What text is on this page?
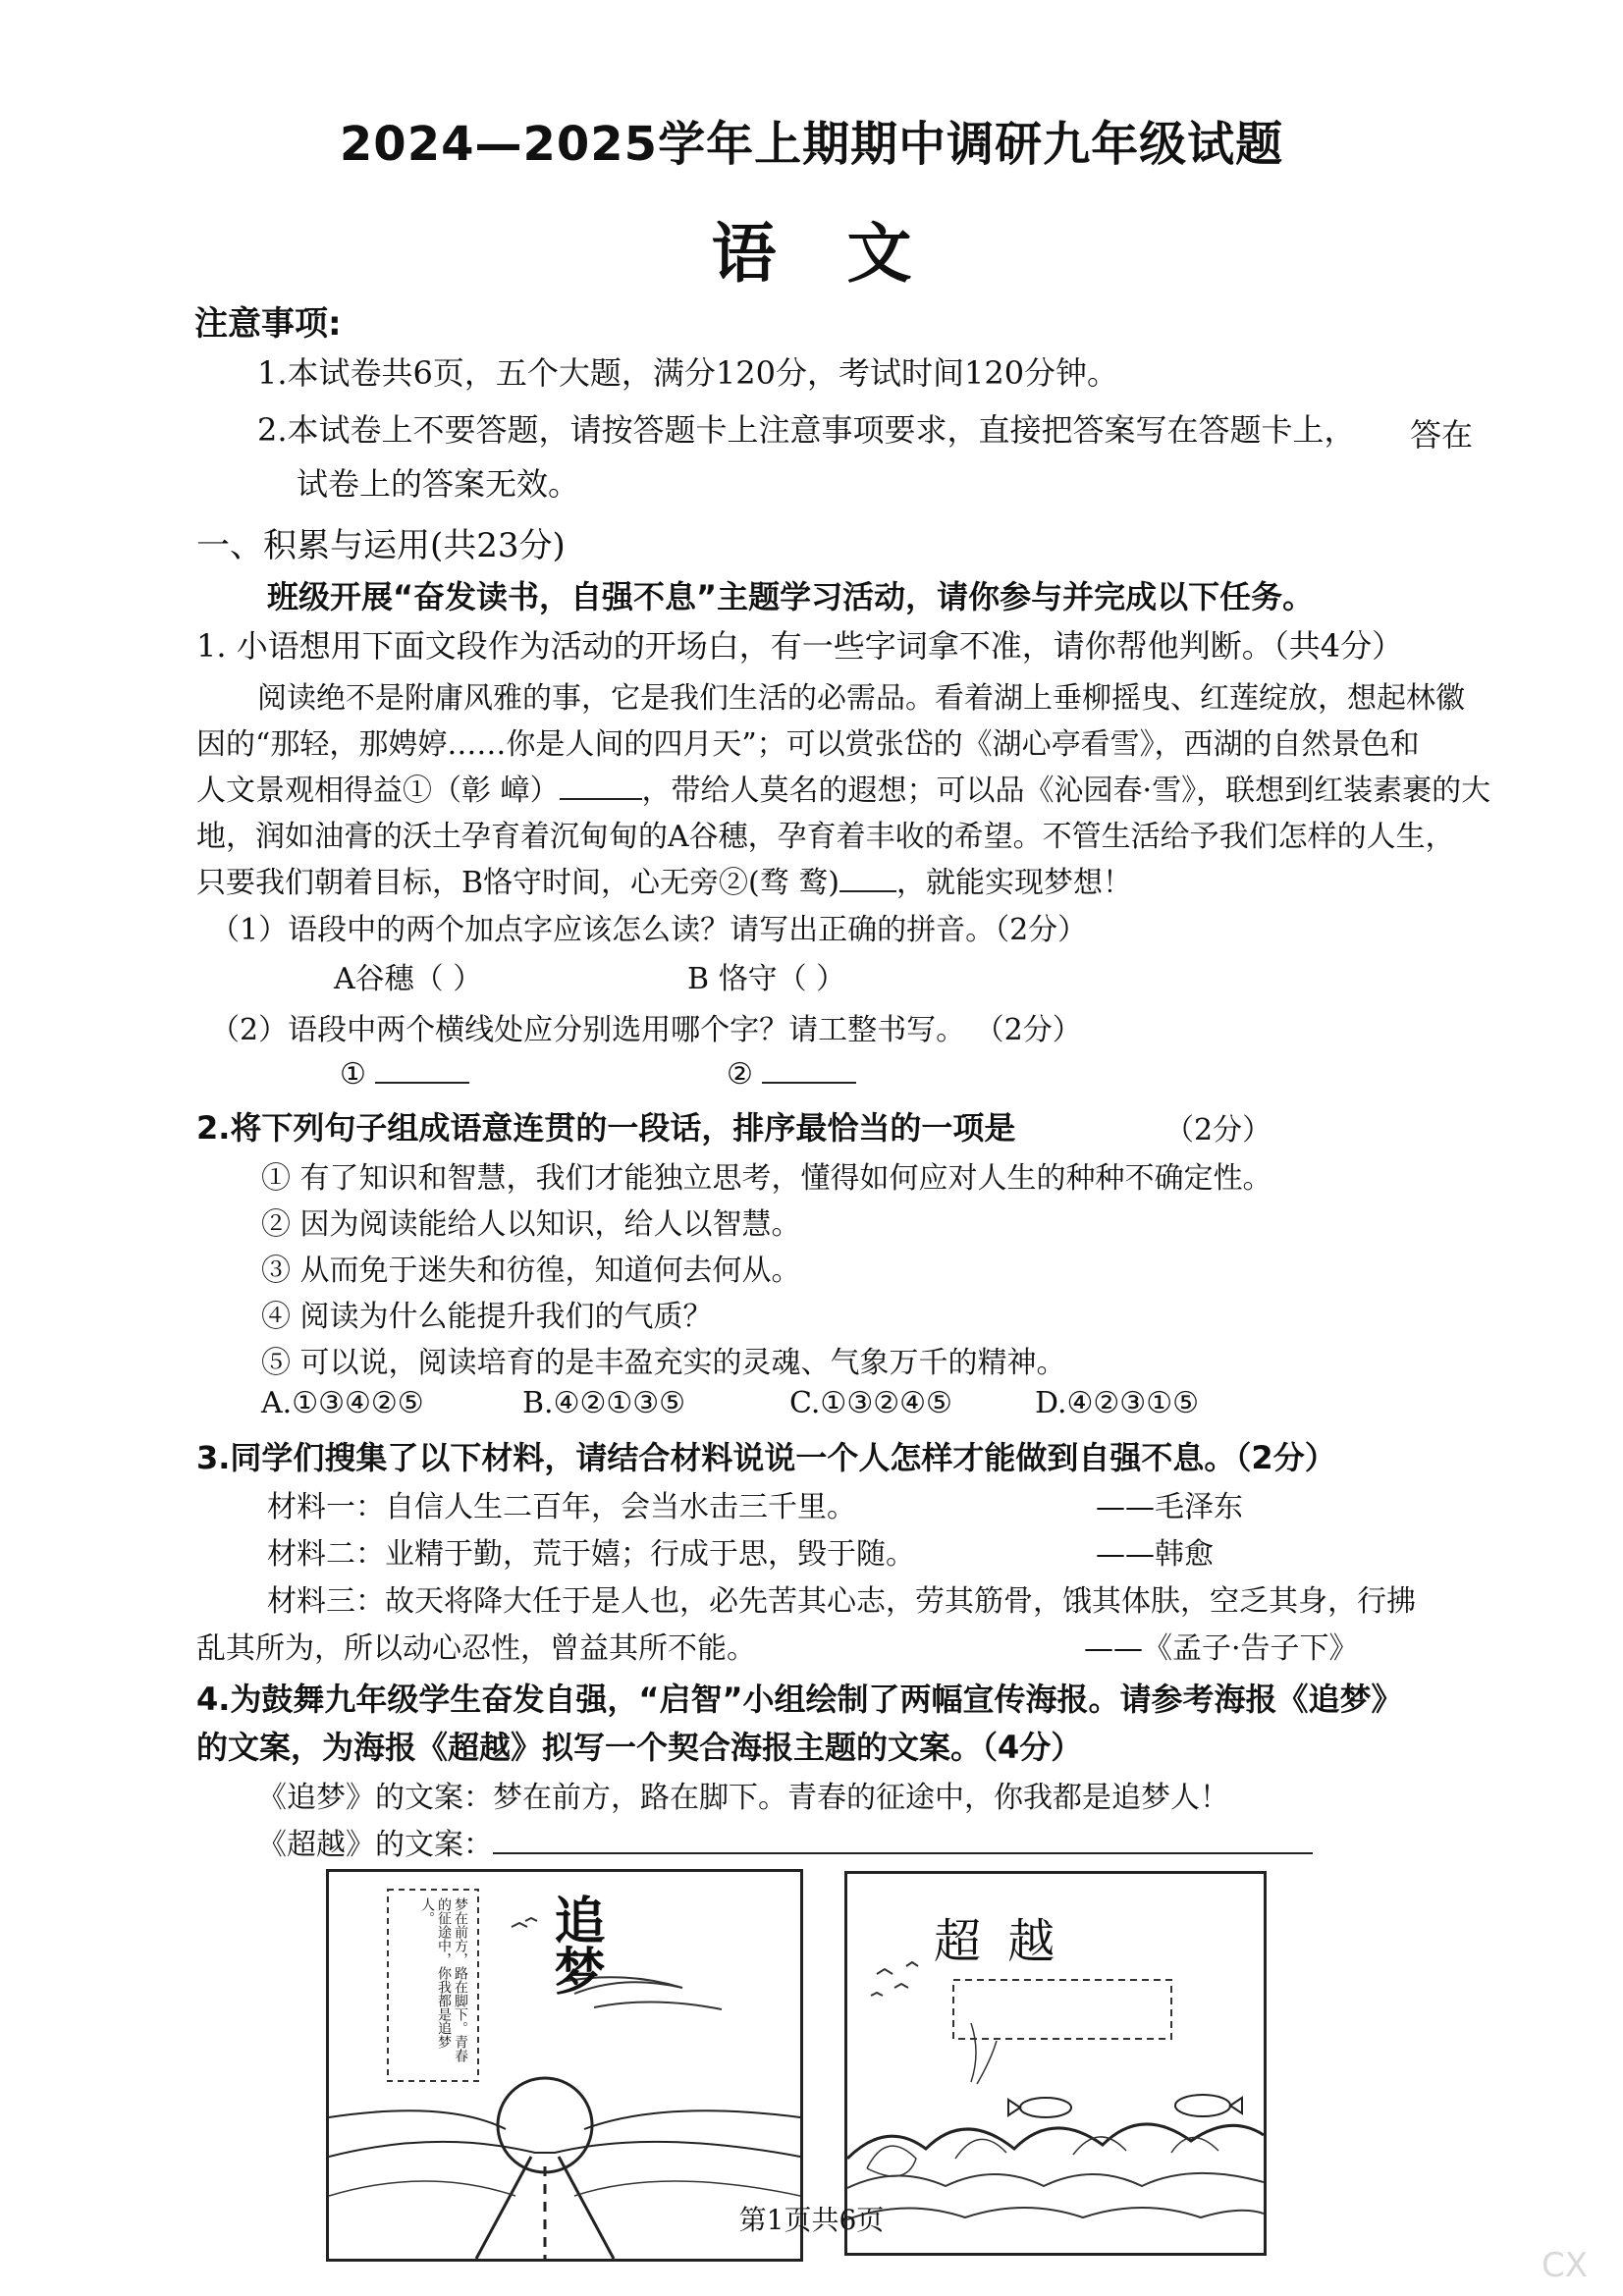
2024—2025学年上期期中调研九年级试题
语 文
注意事项:
1.本试卷共6页，五个大题，满分120分，考试时间120分钟。
2.本试卷上不要答题，请按答题卡上注意事项要求，直接把答案写在答题卡上， 答在
试卷上的答案无效。
一、积累与运用(共23分)
班级开展“奋发读书，自强不息”主题学习活动，请你参与并完成以下任务。
1. 小语想用下面文段作为活动的开场白，有一些字词拿不准，请你帮他判断。（共4分）
阅读绝不是附庸风雅的事，它是我们生活的必需品。看着湖上垂柳摇曳、红莲绽放，想起林徽
因的“那轻，那娉婷……你是人间的四月天”；可以赏张岱的《湖心亭看雪》，西湖的自然景色和
人文景观相得益①（彰 嶂）	，带给人莫名的遐想；可以品《沁园春·雪》，联想到红装素裹的大
地，润如油膏的沃土孕育着沉甸甸的A谷穗，孕育着丰收的希望。不管生活给予我们怎样的人生，
只要我们朝着目标，B恪守时间，心无旁②(骛 鹜) ，就能实现梦想！
（1）语段中的两个加点字应该怎么读？请写出正确的拼音。（2分）
A谷穗（ ）	B 恪守（ ）
（2）语段中两个横线处应分别选用哪个字？请工整书写。 （2分）
①	②
2.将下列句子组成语意连贯的一段话，排序最恰当的一项是	（2分）
① 有了知识和智慧，我们才能独立思考，懂得如何应对人生的种种不确定性。
② 因为阅读能给人以知识，给人以智慧。
③ 从而免于迷失和彷徨，知道何去何从。
④ 阅读为什么能提升我们的气质？
⑤ 可以说，阅读培育的是丰盈充实的灵魂、气象万千的精神。
A.①③④②⑤	B.④②①③⑤	C.①③②④⑤	D.④②③①⑤
3.同学们搜集了以下材料，请结合材料说说一个人怎样才能做到自强不息。（2分）
材料一：自信人生二百年，会当水击三千里。	——毛泽东
材料二：业精于勤，荒于嬉；行成于思，毁于随。	——韩愈
材料三：故天将降大任于是人也，必先苦其心志，劳其筋骨，饿其体肤，空乏其身，行拂
乱其所为，所以动心忍性，曾益其所不能。	——《孟子·告子下》
4.为鼓舞九年级学生奋发自强，“启智”小组绘制了两幅宣传海报。请参考海报《追梦》
的文案，为海报《超越》拟写一个契合海报主题的文案。（4分）
《追梦》的文案：梦在前方，路在脚下。青春的征途中，你我都是追梦人！
《超越》的文案：
梦在前方，路在脚下。青春的征途中，你我都是追梦人。	追梦	超 越
第1页共6页
CX
